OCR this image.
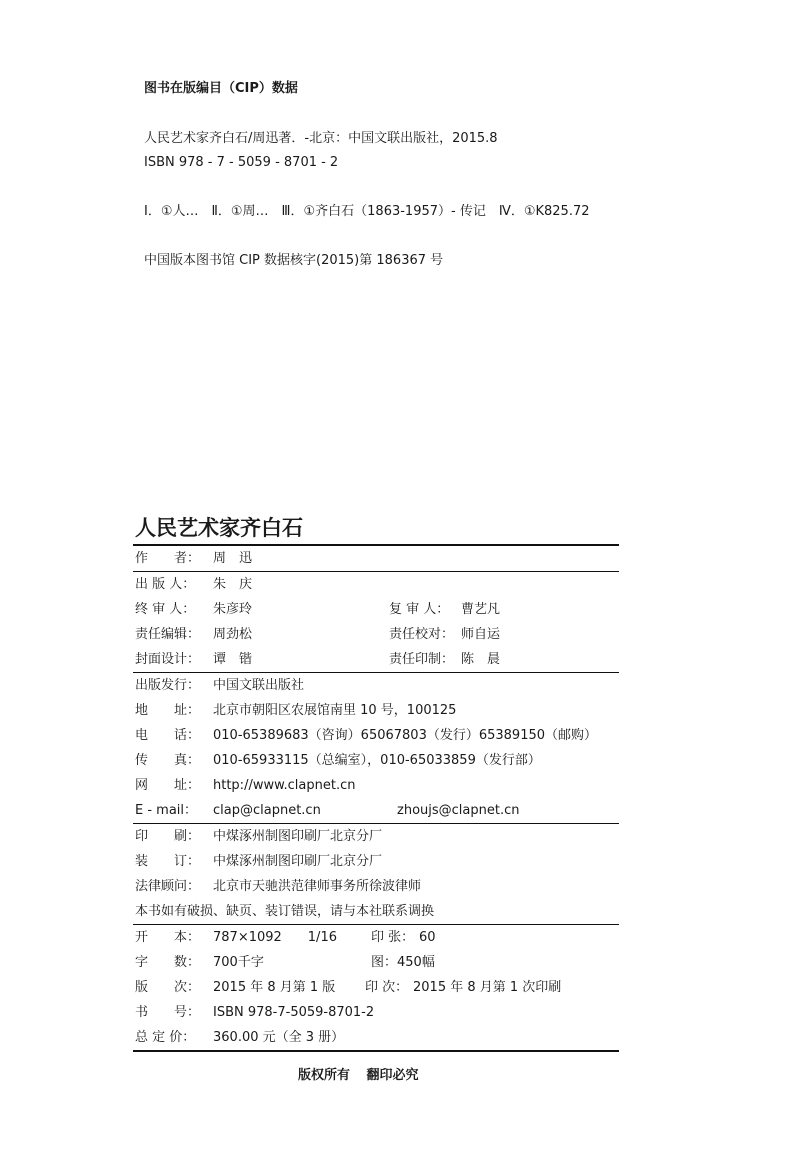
图书在版编目（CIP）数据
人民艺术家齐白石/周迅著．-北京：中国文联出版社，2015.8
ISBN 978 - 7 - 5059 - 8701 - 2
Ⅰ．①人…　Ⅱ．①周…　Ⅲ．①齐白石（1863-1957）- 传记　Ⅳ．①K825.72
中国版本图书馆 CIP 数据核字(2015)第 186367 号
人民艺术家齐白石
作　　者： 周　迅
出 版 人： 朱　庆
终 审 人： 朱彦玲	复 审 人： 曹艺凡
责任编辑： 周劲松	责任校对： 师自运
封面设计： 谭　锴	责任印制： 陈　晨
出版发行： 中国文联出版社
地　　址： 北京市朝阳区农展馆南里 10 号，100125
电　　话： 010-65389683（咨询）65067803（发行）65389150（邮购）
传　　真： 010-65933115（总编室），010-65033859（发行部）
网　　址： http://www.clapnet.cn
E - mail： clap@clapnet.cn	zhoujs@clapnet.cn
印　　刷： 中煤涿州制图印刷厂北京分厂
装　　订： 中煤涿州制图印刷厂北京分厂
法律顾问： 北京市天驰洪范律师事务所徐波律师
本书如有破损、缺页、装订错误，请与本社联系调换
开　　本： 787×1092　　1/16	印 张： 60
字　　数： 700千字	图： 450幅
版　　次： 2015 年 8 月第 1 版 印 次： 2015 年 8 月第 1 次印刷
书　　号： ISBN 978-7-5059-8701-2
总 定 价： 360.00 元（全 3 册）
版权所有 翻印必究
